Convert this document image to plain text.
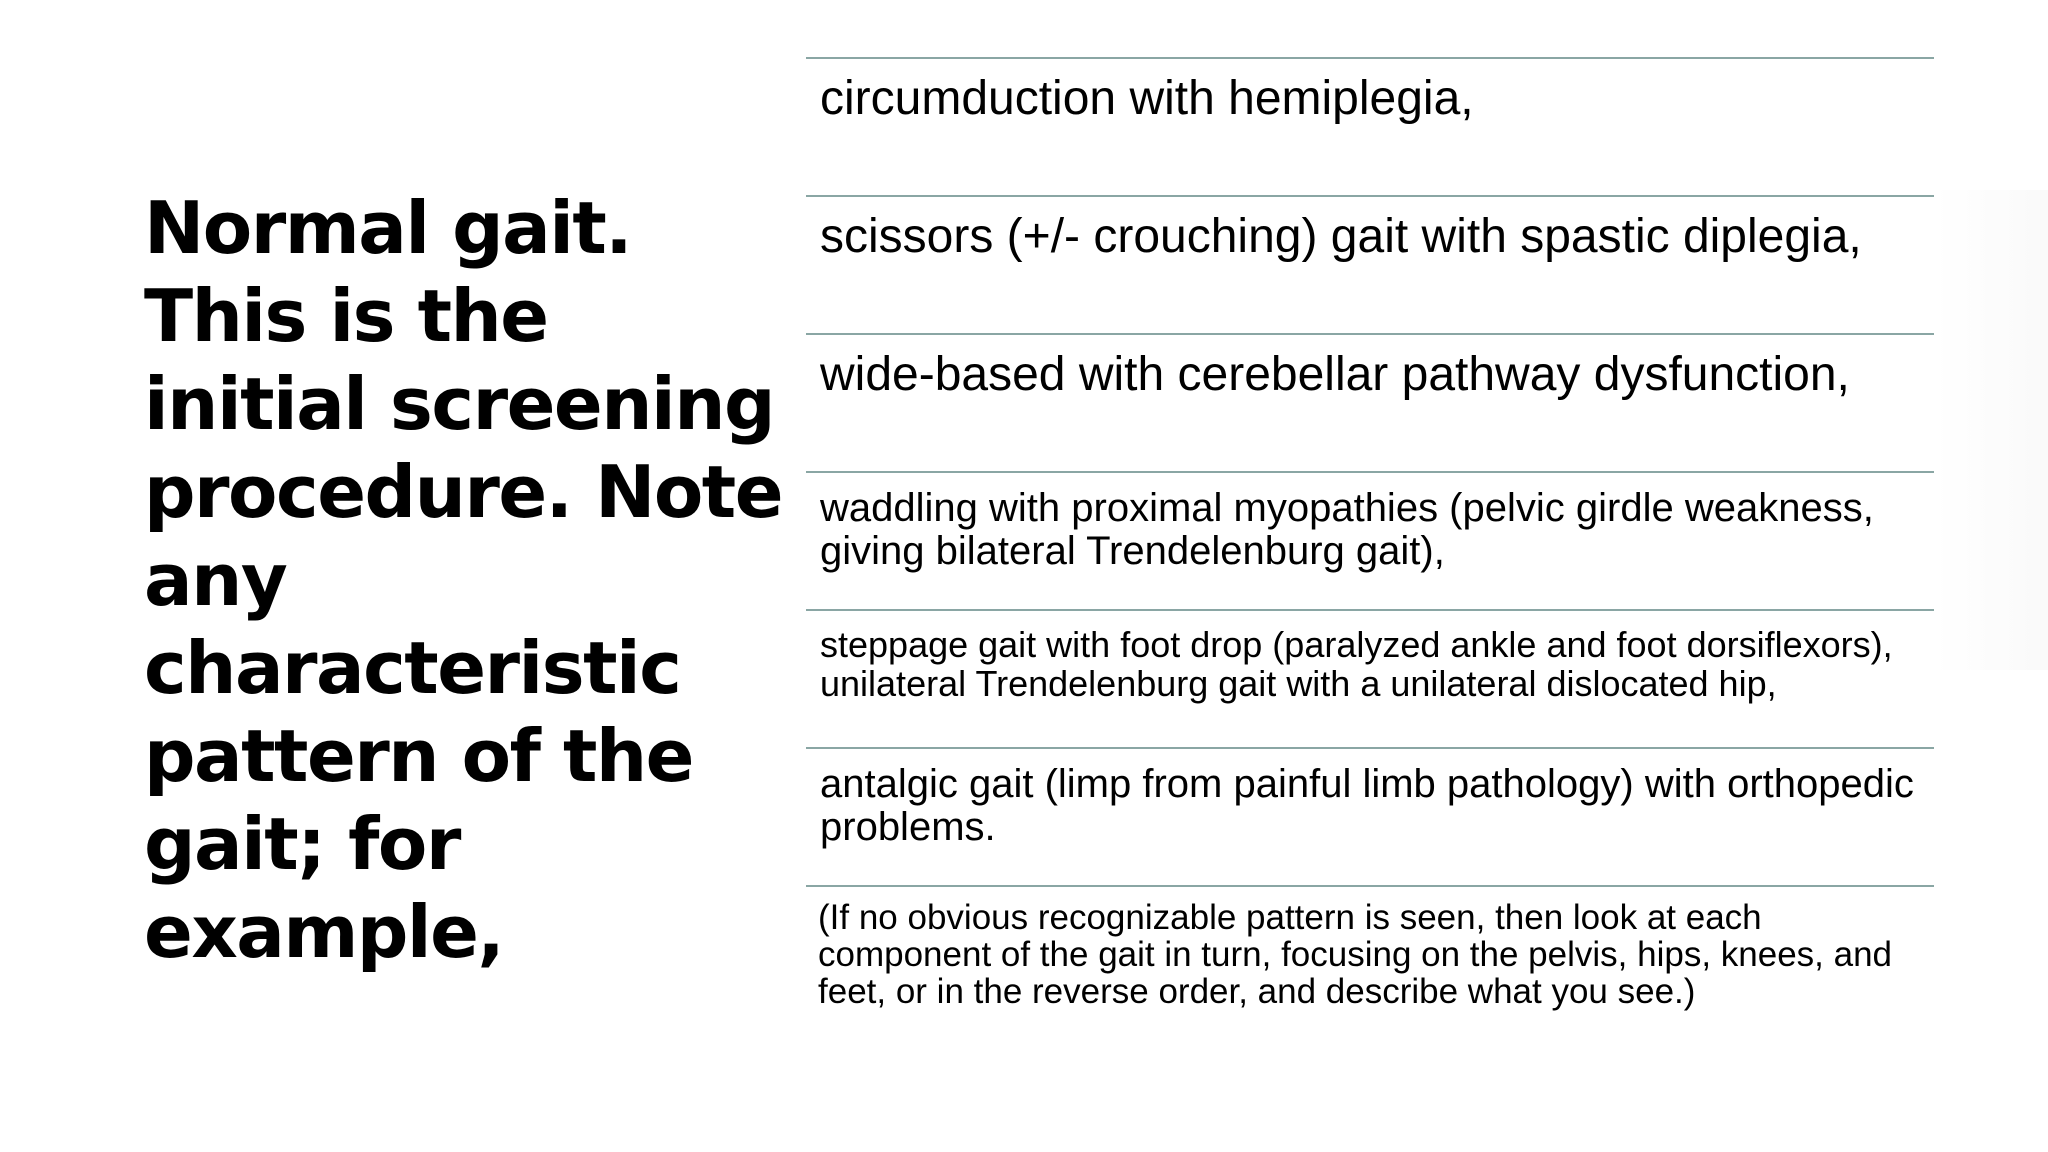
Normal gait. This is the initial screening procedure. Note any characteristic pattern of the gait; for example,
circumduction with hemiplegia,
scissors (+/- crouching) gait with spastic diplegia,
wide-based with cerebellar pathway dysfunction,
waddling with proximal myopathies (pelvic girdle weakness, giving bilateral Trendelenburg gait),
steppage gait with foot drop (paralyzed ankle and foot dorsiflexors), unilateral Trendelenburg gait with a unilateral dislocated hip,
antalgic gait (limp from painful limb pathology) with orthopedic problems.
(If no obvious recognizable pattern is seen, then look at each component of the gait in turn, focusing on the pelvis, hips, knees, and feet, or in the reverse order, and describe what you see.)
